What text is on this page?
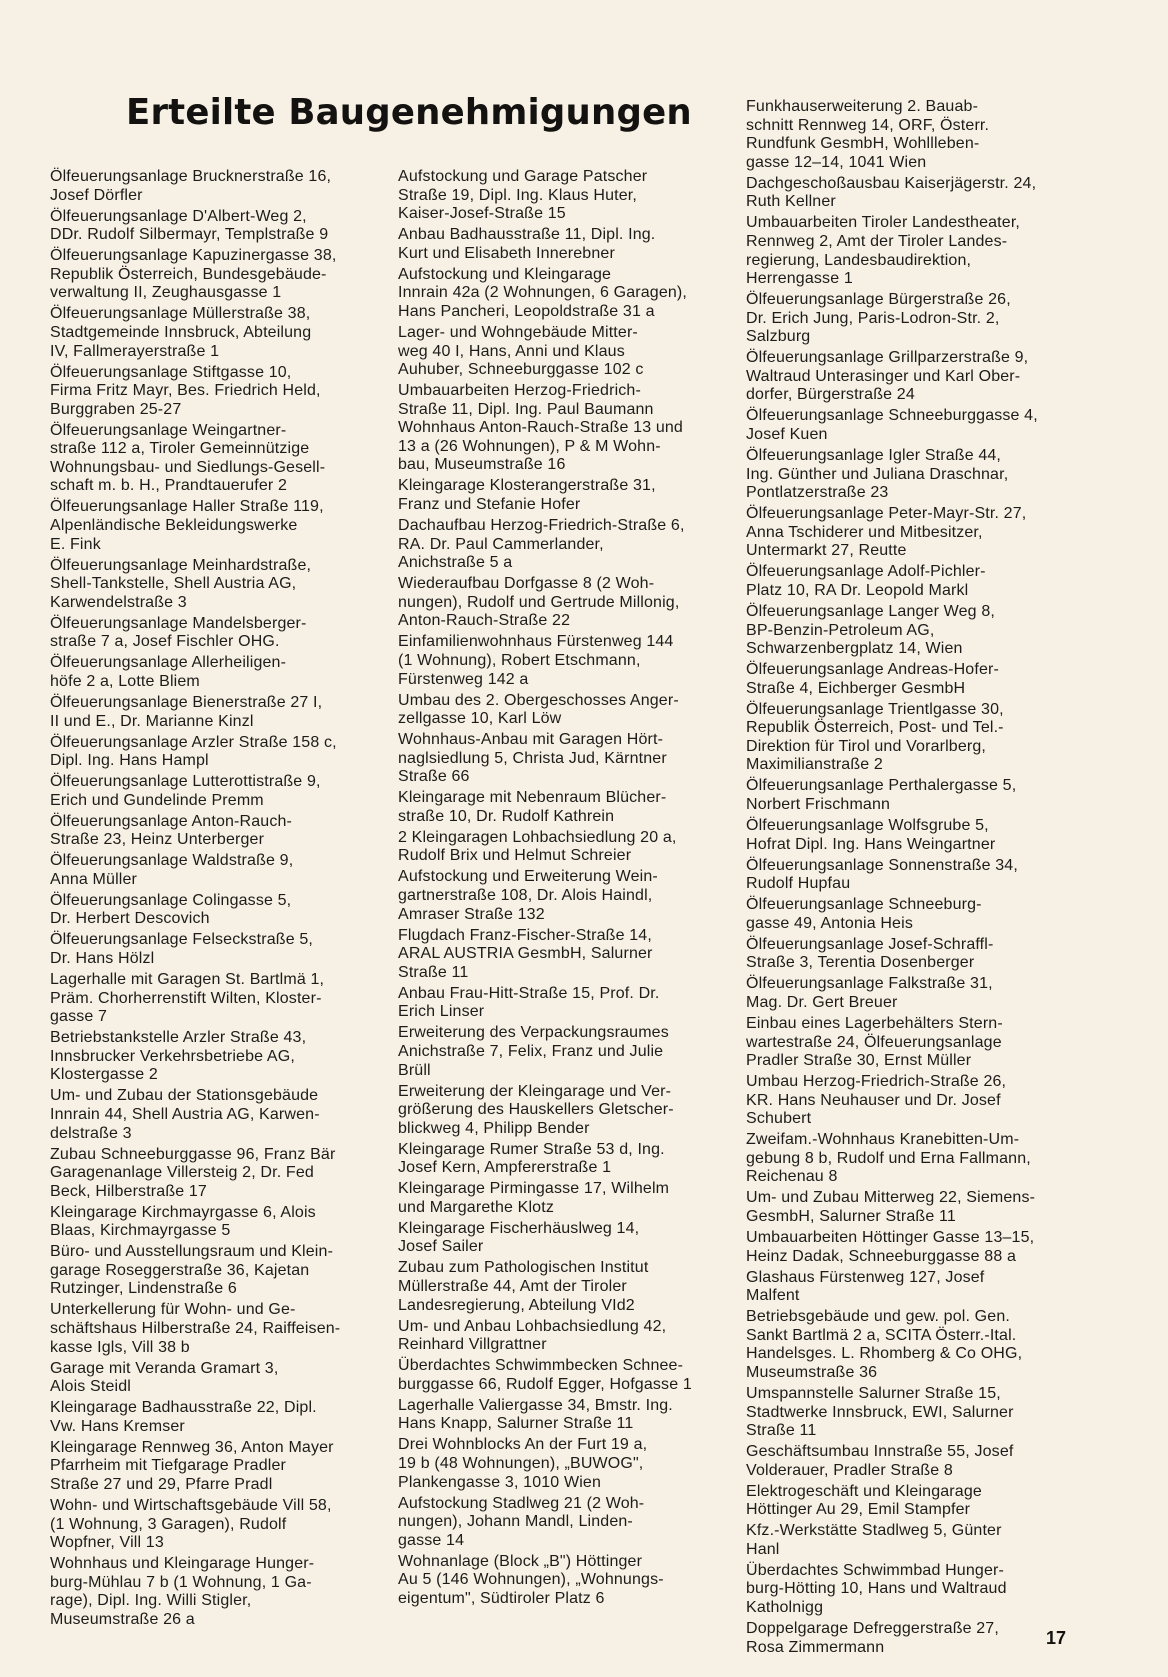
Erteilte Baugenehmigungen

Ölfeuerungsanlage Brucknerstraße 16,
Josef Dörfler

Ölfeuerungsanlage D'Albert-Weg 2,
DDr. Rudolf Silbermayr, Templstraße 9

Ölfeuerungsanlage Kapuzinergasse 38,
Republik Österreich, Bundesgebäude-
verwaltung II, Zeughausgasse 1

Ölfeuerungsanlage Müllerstraße 38,
Stadtgemeinde Innsbruck, Abteilung
IV, Fallmerayerstraße 1

Ölfeuerungsanlage Stiftgasse 10,
Firma Fritz Mayr, Bes. Friedrich Held,
Burggraben 25-27

Ölfeuerungsanlage Weingartner-
straße 112 a, Tiroler Gemeinnützige
Wohnungsbau- und Siedlungs-Gesell-
schaft m. b. H., Prandtauerufer 2

Ölfeuerungsanlage Haller Straße 119,
Alpenländische Bekleidungswerke
E. Fink

Ölfeuerungsanlage Meinhardstraße,
Shell-Tankstelle, Shell Austria AG,
Karwendelstraße 3

Ölfeuerungsanlage Mandelsberger-
straße 7 a, Josef Fischler OHG.

Ölfeuerungsanlage Allerheiligen-
höfe 2 a, Lotte Bliem

Ölfeuerungsanlage Bienerstraße 27 I,
II und E., Dr. Marianne Kinzl

Ölfeuerungsanlage Arzler Straße 158 c,
Dipl. Ing. Hans Hampl

Ölfeuerungsanlage Lutterottistraße 9,
Erich und Gundelinde Premm

Ölfeuerungsanlage Anton-Rauch-
Straße 23, Heinz Unterberger

Ölfeuerungsanlage Waldstraße 9,
Anna Müller

Ölfeuerungsanlage Colingasse 5,
Dr. Herbert Descovich

Ölfeuerungsanlage Felseckstraße 5,
Dr. Hans Hölzl

Lagerhalle mit Garagen St. Bartlmä 1,
Präm. Chorherrenstift Wilten, Kloster-
gasse 7

Betriebstankstelle Arzler Straße 43,
Innsbrucker Verkehrsbetriebe AG,
Klostergasse 2

Um- und Zubau der Stationsgebäude
Innrain 44, Shell Austria AG, Karwen-
delstraße 3

Zubau Schneeburggasse 96, Franz Bär
Garagenanlage Villersteig 2, Dr. Fed
Beck, Hilberstraße 17

Kleingarage Kirchmayrgasse 6, Alois
Blaas, Kirchmayrgasse 5

Büro- und Ausstellungsraum und Klein-
garage Roseggerstraße 36, Kajetan
Rutzinger, Lindenstraße 6

Unterkellerung für Wohn- und Ge-
schäftshaus Hilberstraße 24, Raiffeisen-
kasse Igls, Vill 38 b

Garage mit Veranda Gramart 3,
Alois Steidl

Kleingarage Badhausstraße 22, Dipl.
Vw. Hans Kremser

Kleingarage Rennweg 36, Anton Mayer
Pfarrheim mit Tiefgarage Pradler
Straße 27 und 29, Pfarre Pradl

Wohn- und Wirtschaftsgebäude Vill 58,
(1 Wohnung, 3 Garagen), Rudolf
Wopfner, Vill 13

Wohnhaus und Kleingarage Hunger-
burg-Mühlau 7 b (1 Wohnung, 1 Ga-
rage), Dipl. Ing. Willi Stigler,
Museumstraße 26 a

Aufstockung und Garage Patscher
Straße 19, Dipl. Ing. Klaus Huter,
Kaiser-Josef-Straße 15

Anbau Badhausstraße 11, Dipl. Ing.
Kurt und Elisabeth Innerebner

Aufstockung und Kleingarage
Innrain 42a (2 Wohnungen, 6 Garagen),
Hans Pancheri, Leopoldstraße 31 a

Lager- und Wohngebäude Mitter-
weg 40 I, Hans, Anni und Klaus
Auhuber, Schneeburggasse 102 c

Umbauarbeiten Herzog-Friedrich-
Straße 11, Dipl. Ing. Paul Baumann
Wohnhaus Anton-Rauch-Straße 13 und
13 a (26 Wohnungen), P & M Wohn-
bau, Museumstraße 16

Kleingarage Klosterangerstraße 31,
Franz und Stefanie Hofer

Dachaufbau Herzog-Friedrich-Straße 6,
RA. Dr. Paul Cammerlander,
Anichstraße 5 a

Wiederaufbau Dorfgasse 8 (2 Woh-
nungen), Rudolf und Gertrude Millonig,
Anton-Rauch-Straße 22

Einfamilienwohnhaus Fürstenweg 144
(1 Wohnung), Robert Etschmann,
Fürstenweg 142 a

Umbau des 2. Obergeschosses Anger-
zellgasse 10, Karl Löw

Wohnhaus-Anbau mit Garagen Hört-
naglsiedlung 5, Christa Jud, Kärntner
Straße 66

Kleingarage mit Nebenraum Blücher-
straße 10, Dr. Rudolf Kathrein

2 Kleingaragen Lohbachsiedlung 20 a,
Rudolf Brix und Helmut Schreier

Aufstockung und Erweiterung Wein-
gartnerstraße 108, Dr. Alois Haindl,
Amraser Straße 132

Flugdach Franz-Fischer-Straße 14,
ARAL AUSTRIA GesmbH, Salurner
Straße 11

Anbau Frau-Hitt-Straße 15, Prof. Dr.
Erich Linser

Erweiterung des Verpackungsraumes
Anichstraße 7, Felix, Franz und Julie
Brüll

Erweiterung der Kleingarage und Ver-
größerung des Hauskellers Gletscher-
blickweg 4, Philipp Bender

Kleingarage Rumer Straße 53 d, Ing.
Josef Kern, Ampfererstraße 1

Kleingarage Pirmingasse 17, Wilhelm
und Margarethe Klotz

Kleingarage Fischerhäuslweg 14,
Josef Sailer

Zubau zum Pathologischen Institut
Müllerstraße 44, Amt der Tiroler
Landesregierung, Abteilung VId2

Um- und Anbau Lohbachsiedlung 42,
Reinhard Villgrattner

Überdachtes Schwimmbecken Schnee-
burggasse 66, Rudolf Egger, Hofgasse 1

Lagerhalle Valiergasse 34, Bmstr. Ing.
Hans Knapp, Salurner Straße 11

Drei Wohnblocks An der Furt 19 a,
19 b (48 Wohnungen), „BUWOG",
Plankengasse 3, 1010 Wien

Aufstockung Stadlweg 21 (2 Woh-
nungen), Johann Mandl, Linden-
gasse 14

Wohnanlage (Block „B") Höttinger
Au 5 (146 Wohnungen), „Wohnungs-
eigentum", Südtiroler Platz 6

Funkhauserweiterung 2. Bauab-
schnitt Rennweg 14, ORF, Österr.
Rundfunk GesmbH, Wohllleben-
gasse 12–14, 1041 Wien

Dachgeschoßausbau Kaiserjägerstr. 24,
Ruth Kellner

Umbauarbeiten Tiroler Landestheater,
Rennweg 2, Amt der Tiroler Landes-
regierung, Landesbaudirektion,
Herrengasse 1

Ölfeuerungsanlage Bürgerstraße 26,
Dr. Erich Jung, Paris-Lodron-Str. 2,
Salzburg

Ölfeuerungsanlage Grillparzerstraße 9,
Waltraud Unterasinger und Karl Ober-
dorfer, Bürgerstraße 24

Ölfeuerungsanlage Schneeburggasse 4,
Josef Kuen

Ölfeuerungsanlage Igler Straße 44,
Ing. Günther und Juliana Draschnar,
Pontlatzerstraße 23

Ölfeuerungsanlage Peter-Mayr-Str. 27,
Anna Tschiderer und Mitbesitzer,
Untermarkt 27, Reutte

Ölfeuerungsanlage Adolf-Pichler-
Platz 10, RA Dr. Leopold Markl

Ölfeuerungsanlage Langer Weg 8,
BP-Benzin-Petroleum AG,
Schwarzenbergplatz 14, Wien

Ölfeuerungsanlage Andreas-Hofer-
Straße 4, Eichberger GesmbH

Ölfeuerungsanlage Trientlgasse 30,
Republik Österreich, Post- und Tel.-
Direktion für Tirol und Vorarlberg,
Maximilianstraße 2

Ölfeuerungsanlage Perthalergasse 5,
Norbert Frischmann

Ölfeuerungsanlage Wolfsgrube 5,
Hofrat Dipl. Ing. Hans Weingartner

Ölfeuerungsanlage Sonnenstraße 34,
Rudolf Hupfau

Ölfeuerungsanlage Schneeburg-
gasse 49, Antonia Heis

Ölfeuerungsanlage Josef-Schraffl-
Straße 3, Terentia Dosenberger

Ölfeuerungsanlage Falkstraße 31,
Mag. Dr. Gert Breuer

Einbau eines Lagerbehälters Stern-
wartestraße 24, Ölfeuerungsanlage
Pradler Straße 30, Ernst Müller

Umbau Herzog-Friedrich-Straße 26,
KR. Hans Neuhauser und Dr. Josef
Schubert

Zweifam.-Wohnhaus Kranebitten-Um-
gebung 8 b, Rudolf und Erna Fallmann,
Reichenau 8

Um- und Zubau Mitterweg 22, Siemens-
GesmbH, Salurner Straße 11

Umbauarbeiten Höttinger Gasse 13–15,
Heinz Dadak, Schneeburggasse 88 a

Glashaus Fürstenweg 127, Josef
Malfent

Betriebsgebäude und gew. pol. Gen.
Sankt Bartlmä 2 a, SCITA Österr.-Ital.
Handelsges. L. Rhomberg & Co OHG,
Museumstraße 36

Umspannstelle Salurner Straße 15,
Stadtwerke Innsbruck, EWI, Salurner
Straße 11

Geschäftsumbau Innstraße 55, Josef
Volderauer, Pradler Straße 8

Elektrogeschäft und Kleingarage
Höttinger Au 29, Emil Stampfer

Kfz.-Werkstätte Stadlweg 5, Günter
Hanl

Überdachtes Schwimmbad Hunger-
burg-Hötting 10, Hans und Waltraud
Katholnigg

Doppelgarage Defreggerstraße 27,
Rosa Zimmermann	17
